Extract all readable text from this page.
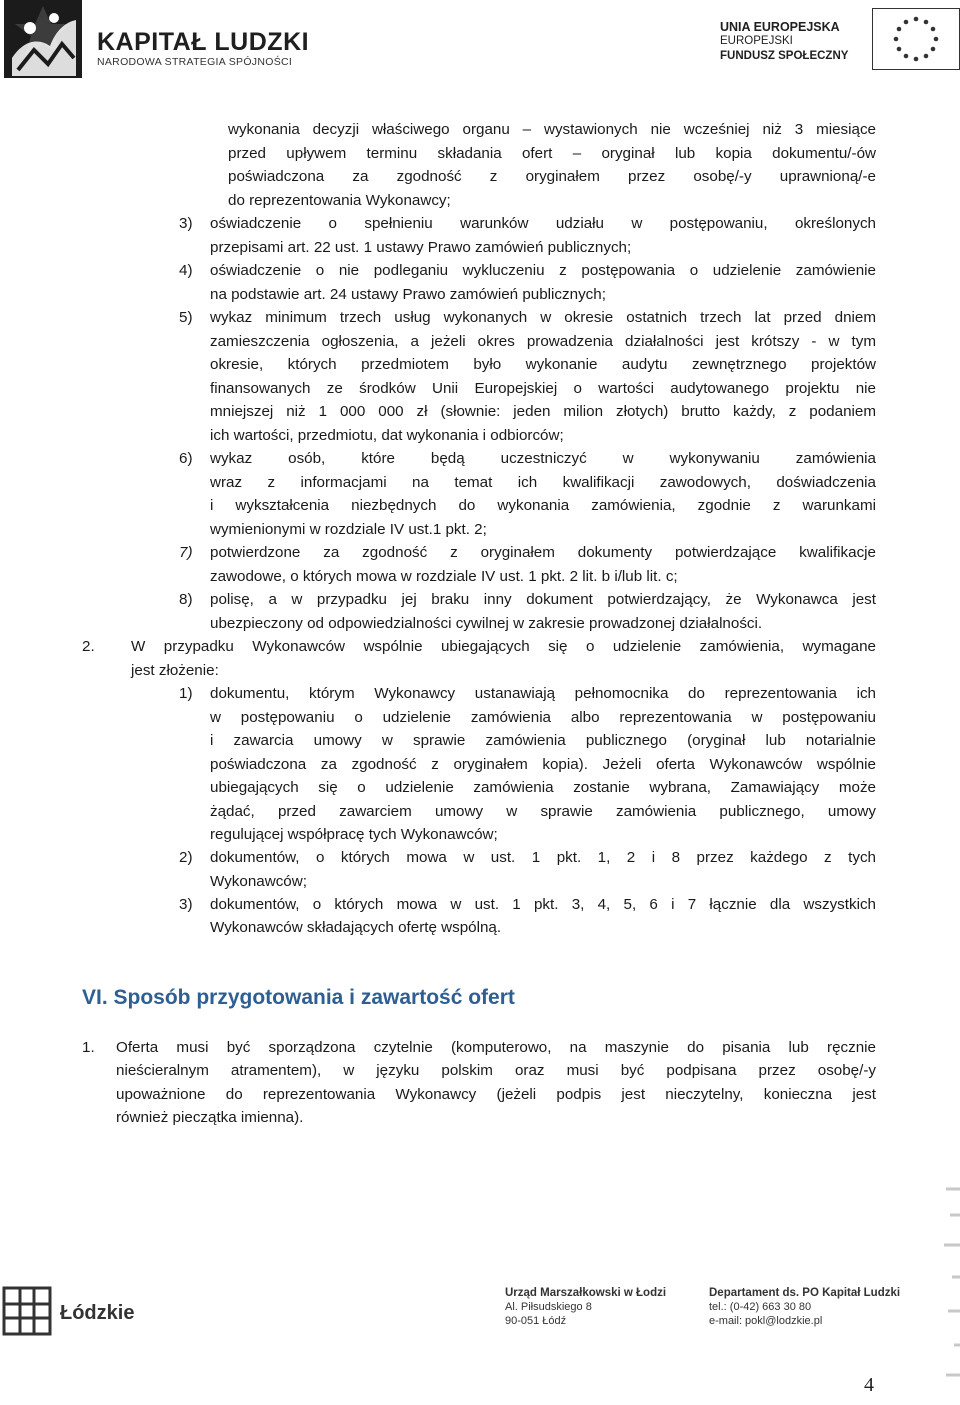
KAPITAŁ LUDZKI
NARODOWA STRATEGIA SPÓJNOŚCI
UNIA EUROPEJSKA
EUROPEJSKI
FUNDUSZ SPOŁECZNY
wykonania decyzji właściwego organu – wystawionych nie wcześniej niż 3 miesiące
przed upływem terminu składania ofert – oryginał lub kopia dokumentu/-ów
poświadczona za zgodność z oryginałem przez osobę/-y uprawnioną/-e
do reprezentowania Wykonawcy;
3) oświadczenie o spełnieniu warunków udziału w postępowaniu, określonych
przepisami art. 22 ust. 1 ustawy Prawo zamówień publicznych;
4) oświadczenie o nie podleganiu wykluczeniu z postępowania o udzielenie zamówienie
na podstawie art. 24 ustawy Prawo zamówień publicznych;
5) wykaz minimum trzech usług wykonanych w okresie ostatnich trzech lat przed dniem
zamieszczenia ogłoszenia, a jeżeli okres prowadzenia działalności jest krótszy - w tym
okresie, których przedmiotem było wykonanie audytu zewnętrznego projektów
finansowanych ze środków Unii Europejskiej o wartości audytowanego projektu nie
mniejszej niż 1 000 000 zł (słownie: jeden milion złotych) brutto każdy, z podaniem
ich wartości, przedmiotu, dat wykonania i odbiorców;
6) wykaz osób, które będą uczestniczyć w wykonywaniu zamówienia
wraz z informacjami na temat ich kwalifikacji zawodowych, doświadczenia
i wykształcenia niezbędnych do wykonania zamówienia, zgodnie z warunkami
wymienionymi w rozdziale IV ust.1 pkt. 2;
7) potwierdzone za zgodność z oryginałem dokumenty potwierdzające kwalifikacje
zawodowe, o których mowa w rozdziale IV ust. 1 pkt. 2 lit. b i/lub lit. c;
8) polisę, a w przypadku jej braku inny dokument potwierdzający, że Wykonawca jest
ubezpieczony od odpowiedzialności cywilnej w zakresie prowadzonej działalności.
2. W przypadku Wykonawców wspólnie ubiegających się o udzielenie zamówienia, wymagane
jest złożenie:
1) dokumentu, którym Wykonawcy ustanawiają pełnomocnika do reprezentowania ich
w postępowaniu o udzielenie zamówienia albo reprezentowania w postępowaniu
i zawarcia umowy w sprawie zamówienia publicznego (oryginał lub notarialnie
poświadczona za zgodność z oryginałem kopia). Jeżeli oferta Wykonawców wspólnie
ubiegających się o udzielenie zamówienia zostanie wybrana, Zamawiający może
żądać, przed zawarciem umowy w sprawie zamówienia publicznego, umowy
regulującej współpracę tych Wykonawców;
2) dokumentów, o których mowa w ust. 1 pkt. 1, 2 i 8 przez każdego z tych
Wykonawców;
3) dokumentów, o których mowa w ust. 1 pkt. 3, 4, 5, 6 i 7 łącznie dla wszystkich
Wykonawców składających ofertę wspólną.
VI. Sposób przygotowania i zawartość ofert
1. Oferta musi być sporządzona czytelnie (komputerowo, na maszynie do pisania lub ręcznie
nieścieralnym atramentem), w języku polskim oraz musi być podpisana przez osobę/-y
upoważnione do reprezentowania Wykonawcy (jeżeli podpis jest nieczytelny, konieczna jest
również pieczątka imienna).
Łódzkie
Urząd Marszałkowski w Łodzi
Al. Piłsudskiego 8
90-051 Łódź
Departament ds. PO Kapitał Ludzki
tel.: (0-42) 663 30 80
e-mail: pokl@lodzkie.pl
4
